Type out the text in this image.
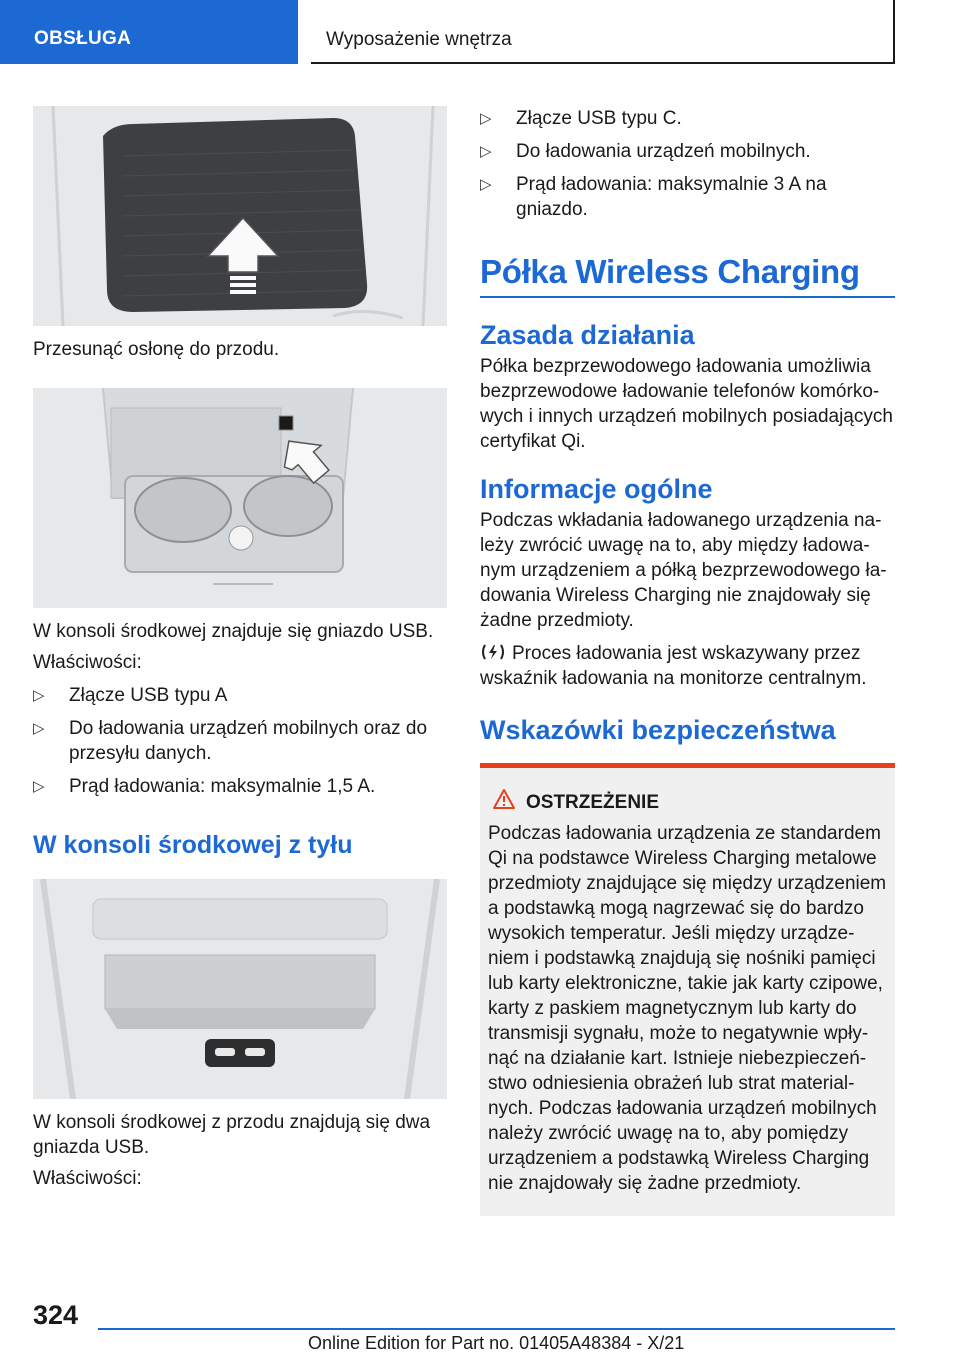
OBSŁUGA	Wyposażenie wnętrza

Przesunąć osłonę do przodu.

W konsoli środkowej znajduje się gniazdo USB.

Właściwości:

▷ Złącze USB typu A
▷ Do ładowania urządzeń mobilnych oraz do przesyłu danych.
▷ Prąd ładowania: maksymalnie 1,5 A.
W konsoli środkowej z tyłu

W konsoli środkowej z przodu znajdują się dwa gniazda USB.

Właściwości:

▷ Złącze USB typu C.
▷ Do ładowania urządzeń mobilnych.
▷ Prąd ładowania: maksymalnie 3 A na gniazdo.
Półka Wireless Charging
Zasada działania

Półka bezprzewodowego ładowania umożliwia bezprzewodowe ładowanie telefonów komórkowych i innych urządzeń mobilnych posiadających certyfikat Qi.

Informacje ogólne

Podczas wkładania ładowanego urządzenia należy zwrócić uwagę na to, aby między ładowanym urządzeniem a półką bezprzewodowego ładowania Wireless Charging nie znajdowały się żadne przedmioty.

Proces ładowania jest wskazywany przez wskaźnik ładowania na monitorze centralnym.

Wskazówki bezpieczeństwa
OSTRZEŻENIE

Podczas ładowania urządzenia ze standardem Qi na podstawce Wireless Charging metalowe przedmioty znajdujące się między urządzeniem a podstawką mogą nagrzewać się do bardzo wysokich temperatur. Jeśli między urządzeniem i podstawką znajdują się nośniki pamięci lub karty elektroniczne, takie jak karty czipowe, karty z paskiem magnetycznym lub karty do transmisji sygnału, może to negatywnie wpłynąć na działanie kart. Istnieje niebezpieczeństwo odniesienia obrażeń lub strat materialnych. Podczas ładowania urządzeń mobilnych należy zwrócić uwagę na to, aby pomiędzy urządzeniem a podstawką Wireless Charging nie znajdowały się żadne przedmioty.

324
Online Edition for Part no. 01405A48384 - X/21
